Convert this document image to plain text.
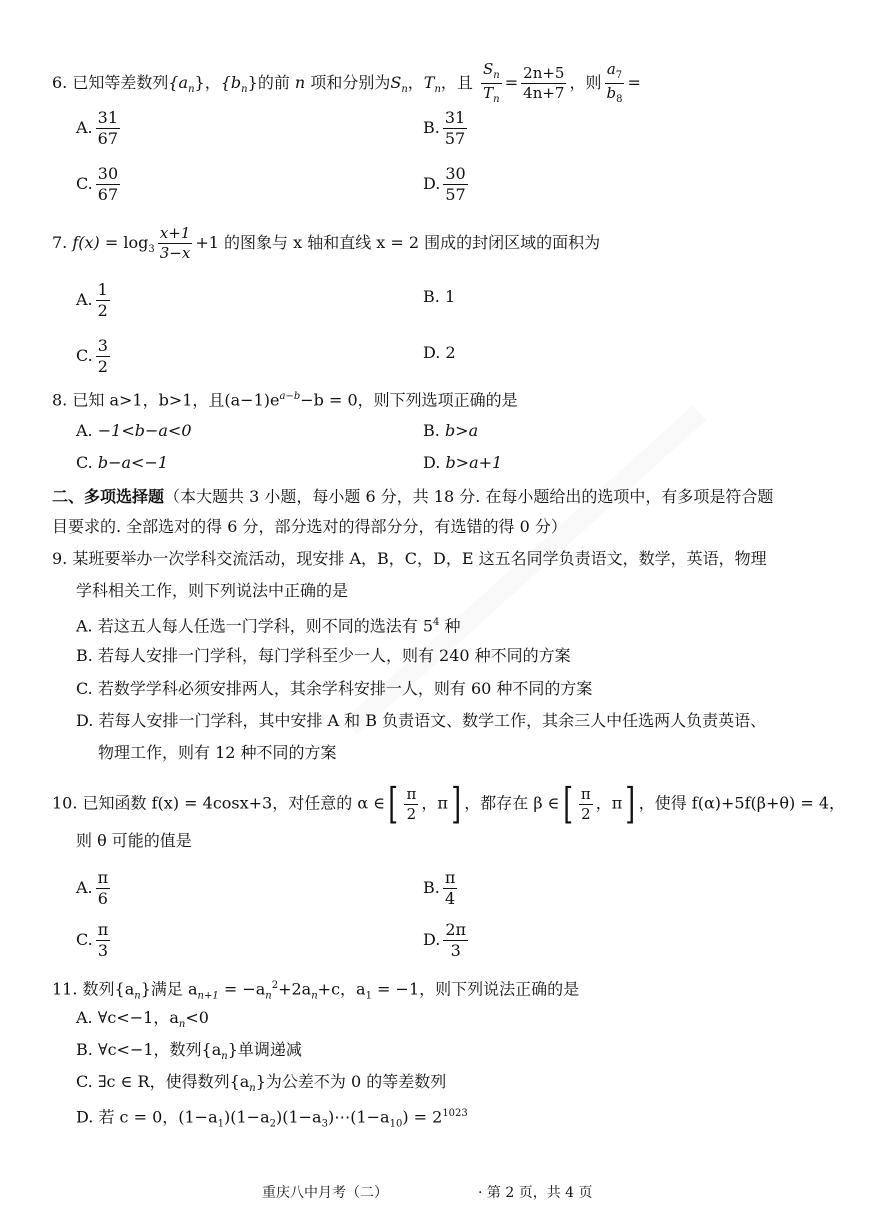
6. 已知等差数列$\{a_n\}$，$\{b_n\}$的前 n 项和分别为$S_n$，$T_n$，且 $\frac{S_n}{T_n} = \frac{2n+5}{4n+7}$ ，则 $\frac{a_7}{b_8}$ =
A. $\frac{31}{67}$	B. $\frac{31}{57}$
C. $\frac{30}{67}$	D. $\frac{30}{57}$
7. $f(x) = \log_3 \frac{x+1}{3-x} +1$ 的图象与 x 轴和直线 x = 2 围成的封闭区域的面积为
A. $\frac{1}{2}$	B. 1
C. $\frac{3}{2}$	D. 2
8. 已知 a>1，b>1，且$(a-1)e^{a-b}-b = 0$，则下列选项正确的是
A. −1<b−a<0	B. b>a
C. b−a<−1	D. b>a+1
二、多项选择题（本大题共 3 小题，每小题 6 分，共 18 分. 在每小题给出的选项中，有多项是符合题
目要求的. 全部选对的得 6 分，部分选对的得部分分，有选错的得 0 分）
9. 某班要举办一次学科交流活动，现安排 A，B，C，D，E 这五名同学负责语文，数学，英语，物理
学科相关工作，则下列说法中正确的是
A. 若这五人每人任选一门学科，则不同的选法有 $5^4$ 种
B. 若每人安排一门学科，每门学科至少一人，则有 240 种不同的方案
C. 若数学学科必须安排两人，其余学科安排一人，则有 60 种不同的方案
D. 若每人安排一门学科，其中安排 A 和 B 负责语文、数学工作，其余三人中任选两人负责英语、
物理工作，则有 12 种不同的方案
10. 已知函数 f(x) = 4cosx+3，对任意的 α ∈[ $\frac{\pi}{2}$ ，π] ，都存在 β ∈[ $\frac{\pi}{2}$ ，π] ，使得 f(α)+5f(β+θ) = 4，
则 θ 可能的值是
A. $\frac{\pi}{6}$	B. $\frac{\pi}{4}$
C. $\frac{\pi}{3}$	D. $\frac{2\pi}{3}$
11. 数列$\{a_n\}$满足 $a_{n+1} = -a_n^2+2a_n+c$，$a_1 = -1$，则下列说法正确的是
A. ∀c<−1，$a_n<0$
B. ∀c<−1，数列$\{a_n\}$单调递减
C. ∃c ∈ R，使得数列$\{a_n\}$为公差不为 0 的等差数列
D. 若 c = 0，$(1-a_1)(1-a_2)(1-a_3)\cdots(1-a_{10}) = 2^{1023}$
重庆八中月考（二）	· 第 2 页，共 4 页
